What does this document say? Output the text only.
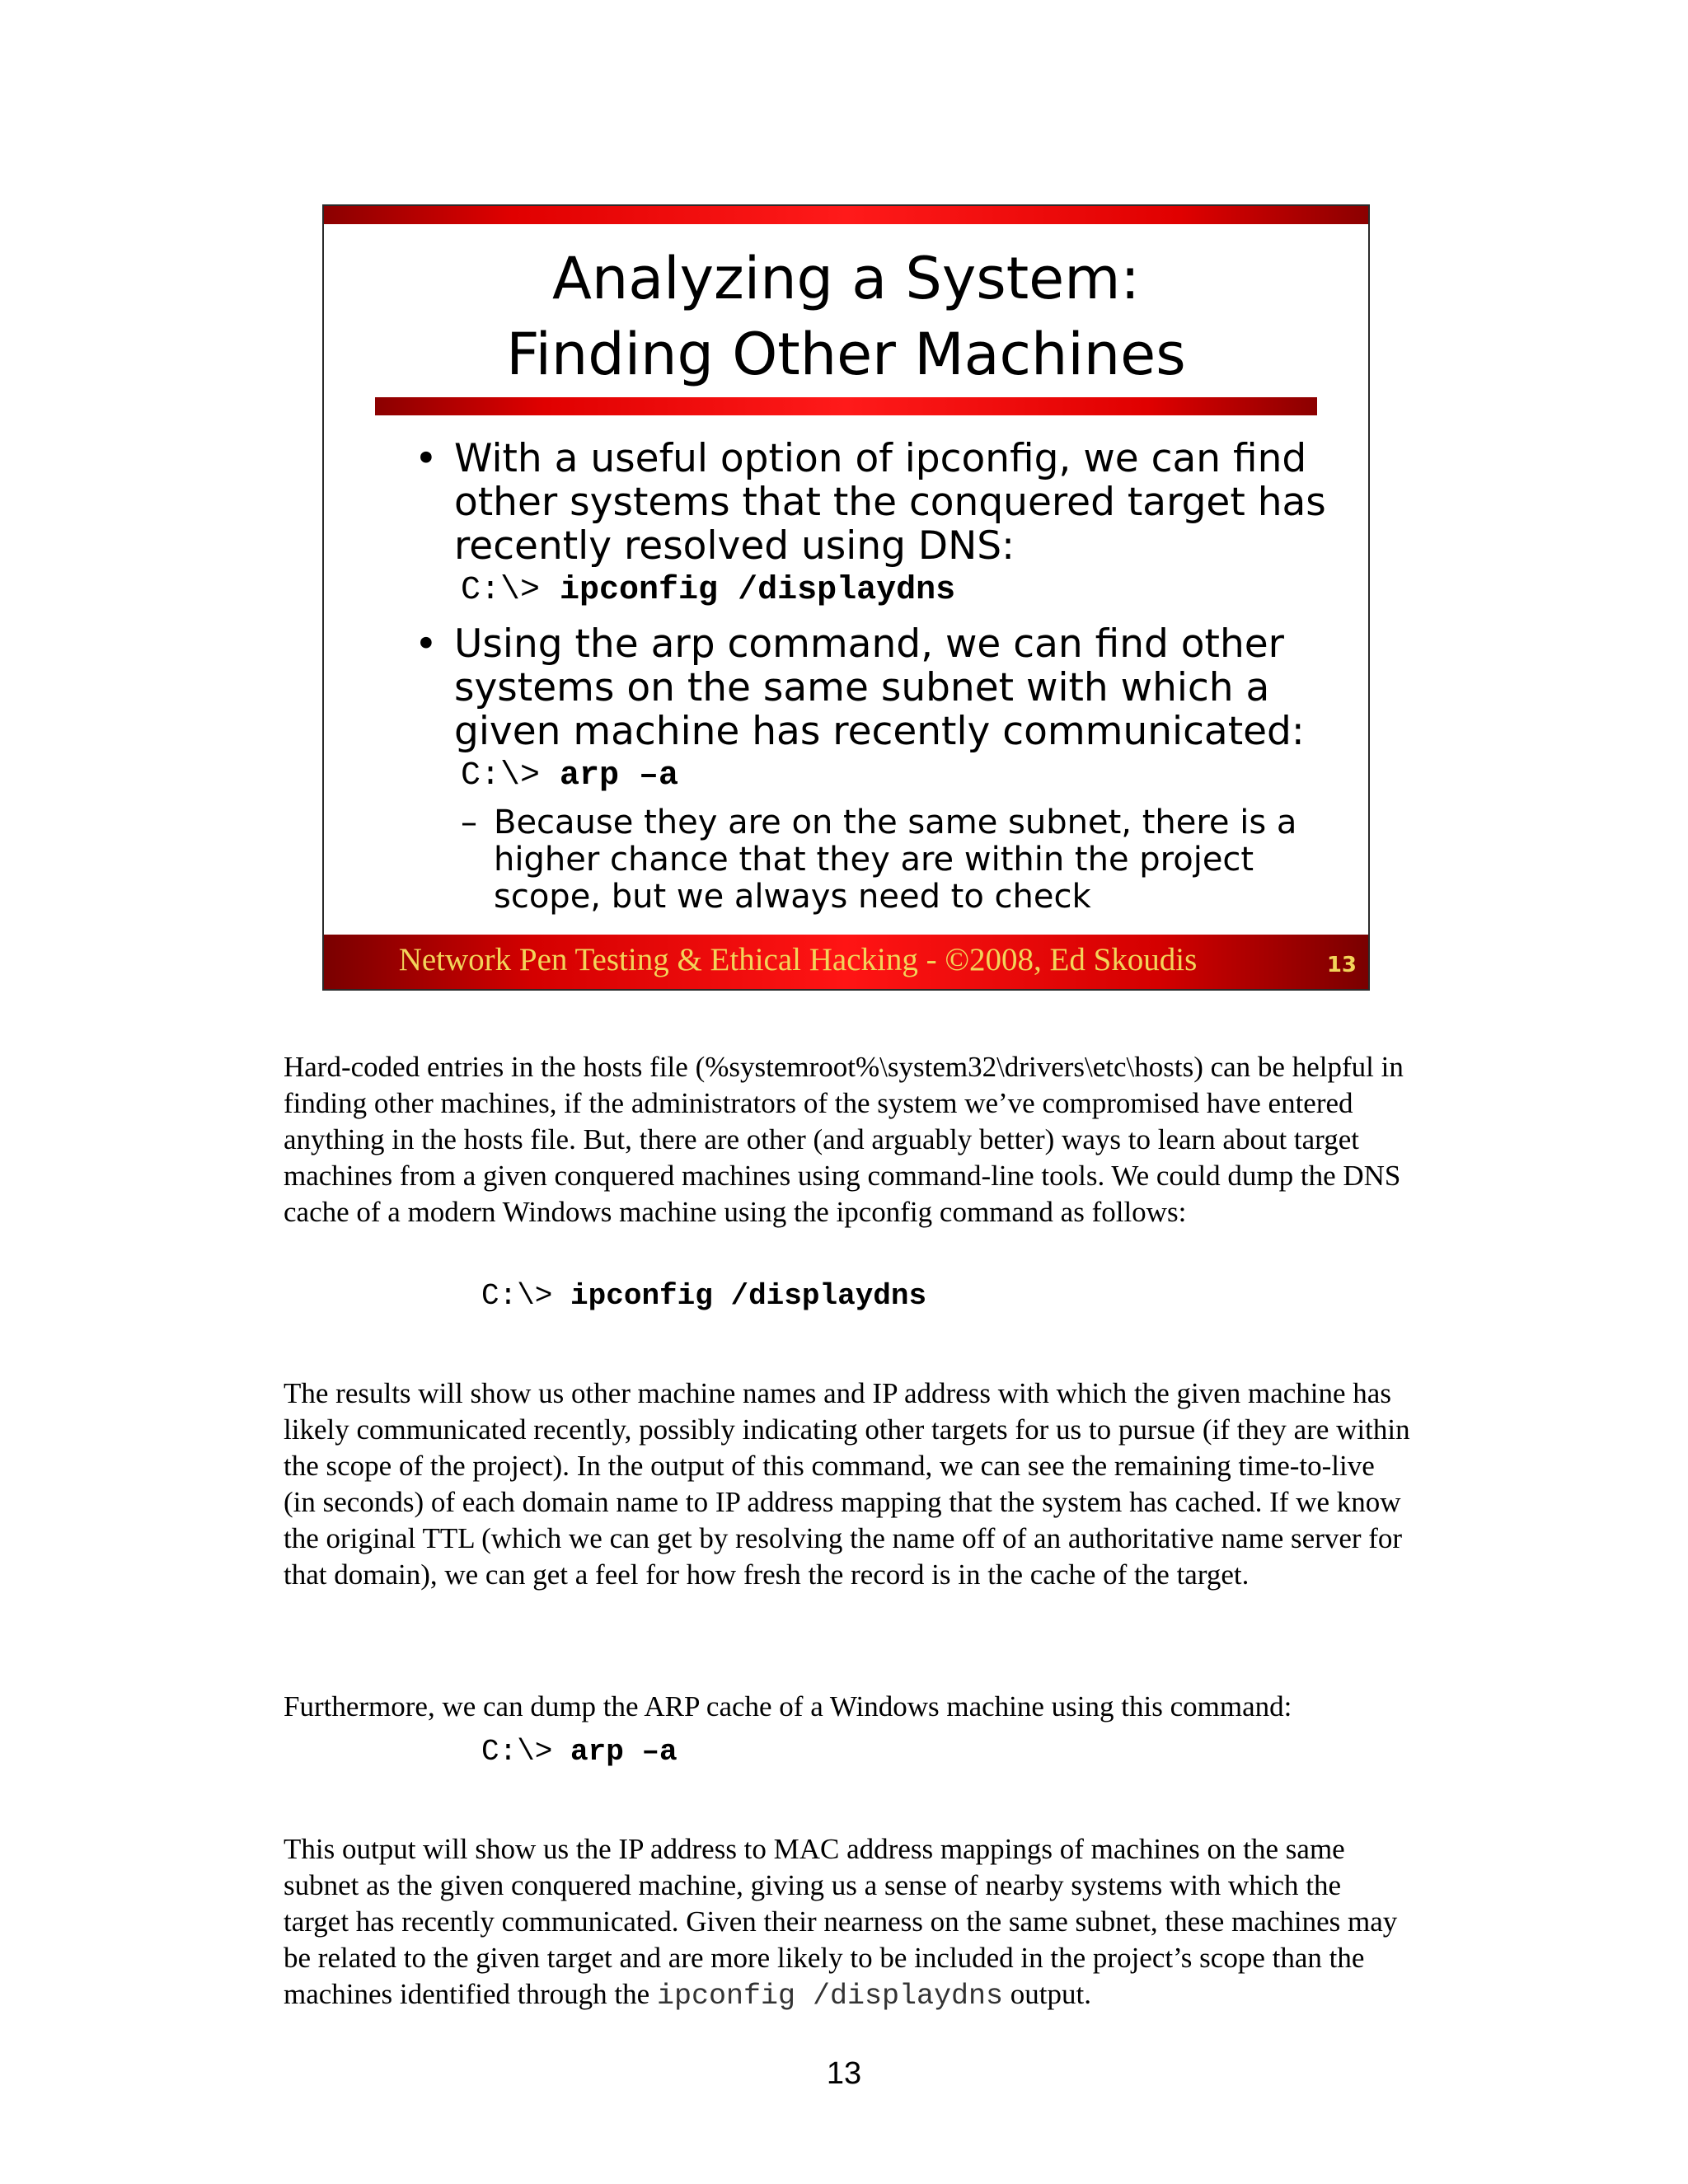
Analyzing a System:
Finding Other Machines
• With a useful option of ipconfig, we can find other systems that the conquered target has recently resolved using DNS:
C:\> ipconfig /displaydns
• Using the arp command, we can find other systems on the same subnet with which a given machine has recently communicated:
C:\> arp –a
– Because they are on the same subnet, there is a higher chance that they are within the project scope, but we always need to check
Network Pen Testing & Ethical Hacking - ©2008, Ed Skoudis	13

Hard-coded entries in the hosts file (%systemroot%\system32\drivers\etc\hosts) can be helpful in finding other machines, if the administrators of the system we’ve compromised have entered anything in the hosts file. But, there are other (and arguably better) ways to learn about target machines from a given conquered machines using command-line tools. We could dump the DNS cache of a modern Windows machine using the ipconfig command as follows:

C:\> ipconfig /displaydns

The results will show us other machine names and IP address with which the given machine has likely communicated recently, possibly indicating other targets for us to pursue (if they are within the scope of the project). In the output of this command, we can see the remaining time-to-live (in seconds) of each domain name to IP address mapping that the system has cached. If we know the original TTL (which we can get by resolving the name off of an authoritative name server for that domain), we can get a feel for how fresh the record is in the cache of the target.

Furthermore, we can dump the ARP cache of a Windows machine using this command:

C:\> arp –a

This output will show us the IP address to MAC address mappings of machines on the same subnet as the given conquered machine, giving us a sense of nearby systems with which the target has recently communicated. Given their nearness on the same subnet, these machines may be related to the given target and are more likely to be included in the project’s scope than the machines identified through the ipconfig /displaydns output.

13
